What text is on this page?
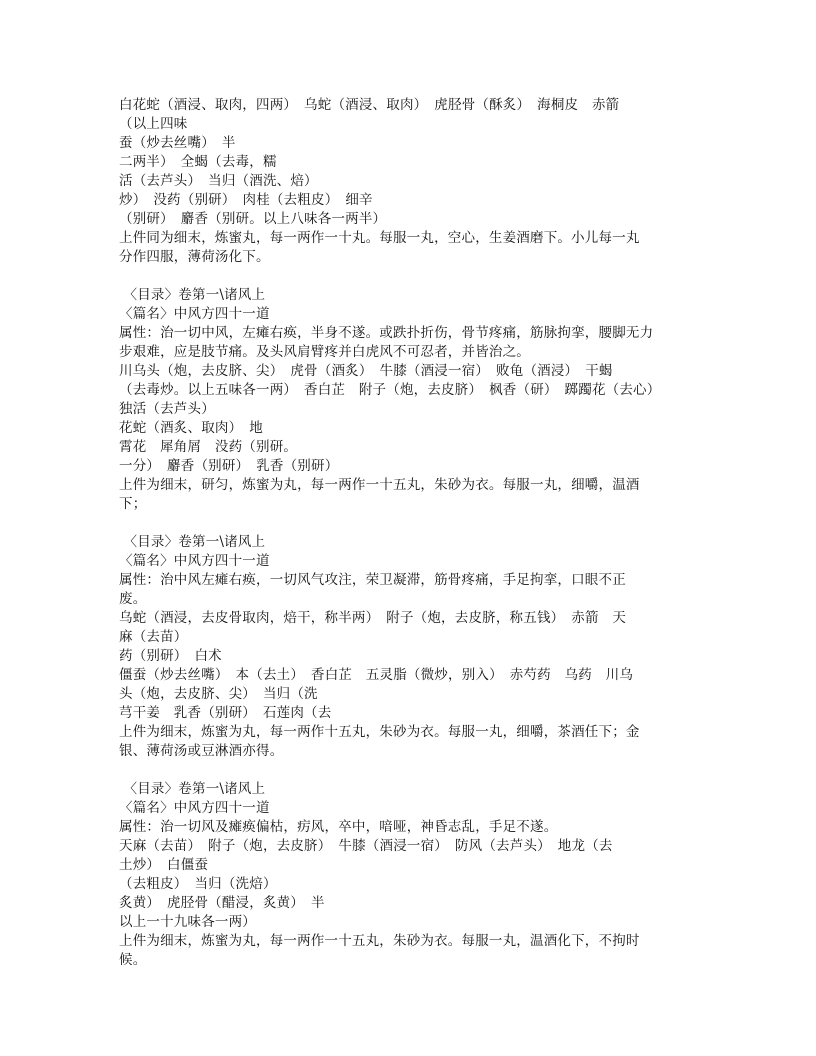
白花蛇（酒浸、取肉，四两）　乌蛇（酒浸、取肉）　虎胫骨（酥炙）　海桐皮　赤箭
（以上四味
蚕（炒去丝嘴）　半
二两半）　全蝎（去毒，糯
活（去芦头）　当归（酒洗、焙）
炒）　没药（别研）　肉桂（去粗皮）　细辛
（别研）　麝香（别研。以上八味各一两半）
上件同为细末，炼蜜丸，每一两作一十丸。每服一丸，空心，生姜酒磨下。小儿每一丸
分作四服，薄荷汤化下。
〈目录〉卷第一\诸风上
〈篇名〉中风方四十一道
属性：治一切中风，左瘫右痪，半身不遂。或跌扑折伤，骨节疼痛，筋脉拘挛，腰脚无力
步艰难，应是肢节痛。及头风肩臂疼并白虎风不可忍者，并皆治之。
川乌头（炮，去皮脐、尖）　虎骨（酒炙）　牛膝（酒浸一宿）　败龟（酒浸）　干蝎
（去毒炒。以上五味各一两）　香白芷　附子（炮，去皮脐）　枫香（研）　踯躅花（去心）
独活（去芦头）
花蛇（酒炙、取肉）　地
霄花　犀角屑　没药（别研。
一分）　麝香（别研）　乳香（别研）
上件为细末，研匀，炼蜜为丸，每一两作一十五丸，朱砂为衣。每服一丸，细嚼，温酒
下；
〈目录〉卷第一\诸风上
〈篇名〉中风方四十一道
属性：治中风左瘫右痪，一切风气攻注，荣卫凝滞，筋骨疼痛，手足拘挛，口眼不正
废。
乌蛇（酒浸，去皮骨取肉，焙干，称半两）　附子（炮，去皮脐，称五钱）　赤箭　天
麻（去苗）
药（别研）　白术
僵蚕（炒去丝嘴）　本（去土）　香白芷　五灵脂（微炒，别入）　赤芍药　乌药　川乌
头（炮，去皮脐、尖）　当归（洗
芎干姜　乳香（别研）　石莲肉（去
上件为细末，炼蜜为丸，每一两作十五丸，朱砂为衣。每服一丸，细嚼，茶酒任下；金
银、薄荷汤或豆淋酒亦得。
〈目录〉卷第一\诸风上
〈篇名〉中风方四十一道
属性：治一切风及瘫痪偏枯，疠风，卒中，喑哑，神昏志乱，手足不遂。
天麻（去苗）　附子（炮，去皮脐）　牛膝（酒浸一宿）　防风（去芦头）　地龙（去
土炒）　白僵蚕
（去粗皮）　当归（洗焙）
炙黄）　虎胫骨（醋浸，炙黄）　半
以上一十九味各一两）
上件为细末，炼蜜为丸，每一两作一十五丸，朱砂为衣。每服一丸，温酒化下，不拘时
候。
